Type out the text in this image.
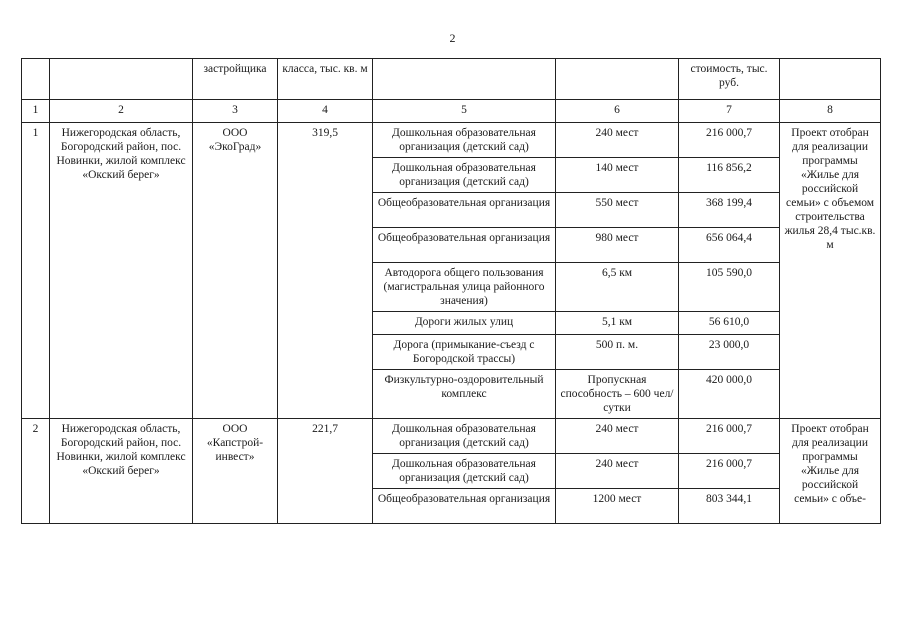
2
		застройщика	класса, тыс. кв. м			стоимость, тыс. руб.	
1	2	3	4	5	6	7	8
1	Нижегородская область, Богородский район, пос. Новинки, жилой комплекс «Окский берег»	ООО «ЭкоГрад»	319,5	Дошкольная образовательная организация (детский сад)	240 мест	216 000,7	Проект отобран для реализации программы «Жилье для российской семьи» с объемом строительства жилья 28,4 тыс.кв. м
				Дошкольная образовательная организация (детский сад)	140 мест	116 856,2	
				Общеобразовательная организация	550 мест	368 199,4	
				Общеобразовательная организация	980 мест	656 064,4	
				Автодорога общего пользования (магистральная улица районного значения)	6,5 км	105 590,0	
				Дороги жилых улиц	5,1 км	56 610,0	
				Дорога (примыкание-съезд с Богородской трассы)	500 п. м.	23 000,0	
				Физкультурно-оздоровительный комплекс	Пропускная способность – 600 чел/сутки	420 000,0	
2	Нижегородская область, Богородский район, пос. Новинки, жилой комплекс «Окский берег»	ООО «Капстрой-инвест»	221,7	Дошкольная образовательная организация (детский сад)	240 мест	216 000,7	Проект отобран для реализации программы «Жилье для российской семьи» с объе-
				Дошкольная образовательная организация (детский сад)	240 мест	216 000,7	
				Общеобразовательная организация	1200 мест	803 344,1	
